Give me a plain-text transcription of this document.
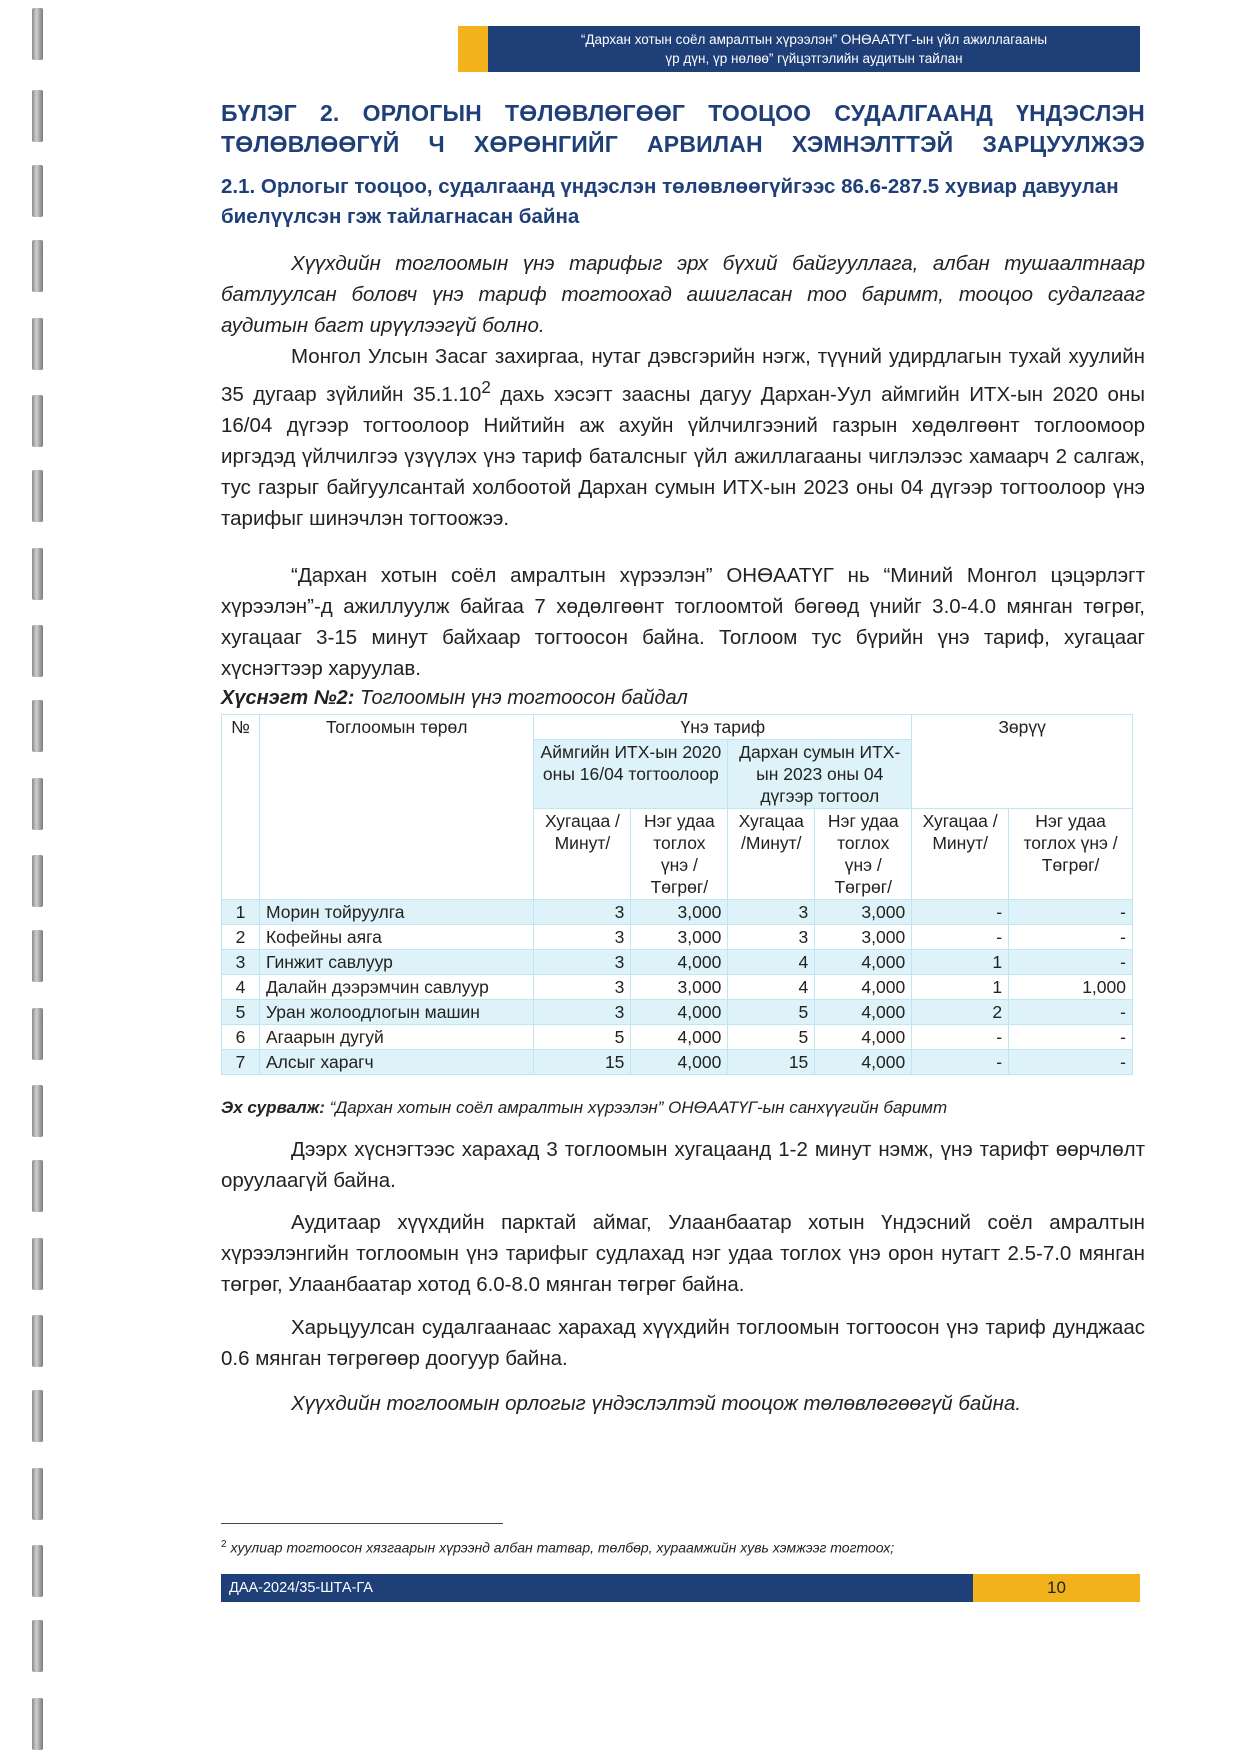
“Дархан хотын соёл амралтын хүрээлэн” ОНӨААТҮГ-ын үйл ажиллагааны
үр дүн, үр нөлөө” гүйцэтгэлийн аудитын тайлан
БҮЛЭГ 2. ОРЛОГЫН ТӨЛӨВЛӨГӨӨГ ТООЦОО СУДАЛГААНД ҮНДЭСЛЭН
ТӨЛӨВЛӨӨГҮЙ Ч ХӨРӨНГИЙГ АРВИЛАН ХЭМНЭЛТТЭЙ ЗАРЦУУЛЖЭЭ
2.1. Орлогыг тооцоо, судалгаанд үндэслэн төлөвлөөгүйгээс 86.6-287.5 хувиар давуулан биелүүлсэн гэж тайлагнасан байна

Хүүхдийн тоглоомын үнэ тарифыг эрх бүхий байгууллага, албан тушаалтнаар батлуулсан боловч үнэ тариф тогтоохад ашигласан тоо баримт, тооцоо судалгааг аудитын багт ирүүлээгүй болно.

Монгол Улсын Засаг захиргаа, нутаг дэвсгэрийн нэгж, түүний удирдлагын тухай хуулийн 35 дугаар зүйлийн 35.1.10$^2$ дахь хэсэгт заасны дагуу Дархан-Уул аймгийн ИТХ-ын 2020 оны 16/04 дүгээр тогтоолоор Нийтийн аж ахуйн үйлчилгээний газрын хөдөлгөөнт тоглоомоор иргэдэд үйлчилгээ үзүүлэх үнэ тариф баталсныг үйл ажиллагааны чиглэлээс хамаарч 2 салгаж, тус газрыг байгуулсантай холбоотой Дархан сумын ИТХ-ын 2023 оны 04 дүгээр тогтоолоор үнэ тарифыг шинэчлэн тогтоожээ.

“Дархан хотын соёл амралтын хүрээлэн” ОНӨААТҮГ нь “Миний Монгол цэцэрлэгт хүрээлэн”-д ажиллуулж байгаа 7 хөдөлгөөнт тоглоомтой бөгөөд үнийг 3.0-4.0 мянган төгрөг, хугацааг 3-15 минут байхаар тогтоосон байна. Тоглоом тус бүрийн үнэ тариф, хугацааг хүснэгтээр харуулав.

Хүснэгт №2: Тоглоомын үнэ тогтоосон байдал

№	Тоглоомын төрөл	Үнэ тариф				Зөрүү	
		Аймгийн ИТХ-ын 2020 оны 16/04 тогтоолоор		Дархан сумын ИТХ-ын 2023 оны 04 дүгээр тогтоол			
		Хугацаа /Минут/	Нэг удаа тоглох үнэ /Төгрөг/	Хугацаа /Минут/	Нэг удаа тоглох үнэ /Төгрөг/	Хугацаа /Минут/	Нэг удаа тоглох үнэ /Төгрөг/
1	Морин тойруулга	3	3,000	3	3,000	-	-
2	Кофейны аяга	3	3,000	3	3,000	-	-
3	Гинжит савлуур	3	4,000	4	4,000	1	-
4	Далайн дээрэмчин савлуур	3	3,000	4	4,000	1	1,000
5	Уран жолоодлогын машин	3	4,000	5	4,000	2	-
6	Агаарын дугуй	5	4,000	5	4,000	-	-
7	Алсыг харагч	15	4,000	15	4,000	-	-

Эх сурвалж: “Дархан хотын соёл амралтын хүрээлэн” ОНӨААТҮГ-ын санхүүгийн баримт

Дээрх хүснэгтээс харахад 3 тоглоомын хугацаанд 1-2 минут нэмж, үнэ тарифт өөрчлөлт оруулаагүй байна.

Аудитаар хүүхдийн парктай аймаг, Улаанбаатар хотын Үндэсний соёл амралтын хүрээлэнгийн тоглоомын үнэ тарифыг судлахад нэг удаа тоглох үнэ орон нутагт 2.5-7.0 мянган төгрөг, Улаанбаатар хотод 6.0-8.0 мянган төгрөг байна.

Харьцуулсан судалгаанаас харахад хүүхдийн тоглоомын тогтоосон үнэ тариф дунджаас 0.6 мянган төгрөгөөр доогуур байна.

Хүүхдийн тоглоомын орлогыг үндэслэлтэй тооцож төлөвлөгөөгүй байна.

$^2$ хуулиар тогтоосон хязгаарын хүрээнд албан татвар, төлбөр, хураамжийн хувь хэмжээг тогтоох;

ДАА-2024/35-ШТА-ГА	10
